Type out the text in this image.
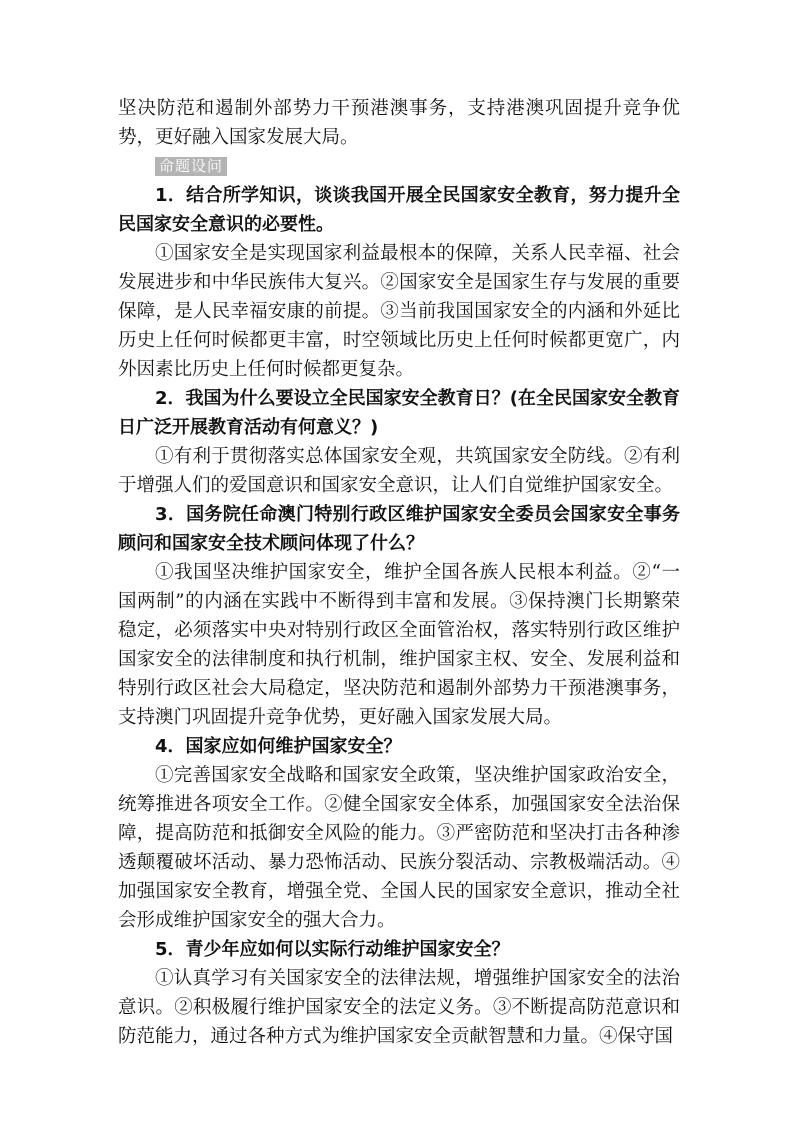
坚决防范和遏制外部势力干预港澳事务，支持港澳巩固提升竞争优势，更好融入国家发展大局。

命题设问

1．结合所学知识，谈谈我国开展全民国家安全教育，努力提升全民国家安全意识的必要性。

①国家安全是实现国家利益最根本的保障，关系人民幸福、社会发展进步和中华民族伟大复兴。②国家安全是国家生存与发展的重要保障，是人民幸福安康的前提。③当前我国国家安全的内涵和外延比历史上任何时候都更丰富，时空领域比历史上任何时候都更宽广，内外因素比历史上任何时候都更复杂。

2．我国为什么要设立全民国家安全教育日？(在全民国家安全教育日广泛开展教育活动有何意义？)

①有利于贯彻落实总体国家安全观，共筑国家安全防线。②有利于增强人们的爱国意识和国家安全意识，让人们自觉维护国家安全。

3．国务院任命澳门特别行政区维护国家安全委员会国家安全事务顾问和国家安全技术顾问体现了什么？

①我国坚决维护国家安全，维护全国各族人民根本利益。②“一国两制”的内涵在实践中不断得到丰富和发展。③保持澳门长期繁荣稳定，必须落实中央对特别行政区全面管治权，落实特别行政区维护国家安全的法律制度和执行机制，维护国家主权、安全、发展利益和特别行政区社会大局稳定，坚决防范和遏制外部势力干预港澳事务，支持澳门巩固提升竞争优势，更好融入国家发展大局。

4．国家应如何维护国家安全？

①完善国家安全战略和国家安全政策，坚决维护国家政治安全，统筹推进各项安全工作。②健全国家安全体系，加强国家安全法治保障，提高防范和抵御安全风险的能力。③严密防范和坚决打击各种渗透颠覆破坏活动、暴力恐怖活动、民族分裂活动、宗教极端活动。④加强国家安全教育，增强全党、全国人民的国家安全意识，推动全社会形成维护国家安全的强大合力。

5．青少年应如何以实际行动维护国家安全？

①认真学习有关国家安全的法律法规，增强维护国家安全的法治意识。②积极履行维护国家安全的法定义务。③不断提高防范意识和防范能力，通过各种方式为维护国家安全贡献智慧和力量。④保守国
